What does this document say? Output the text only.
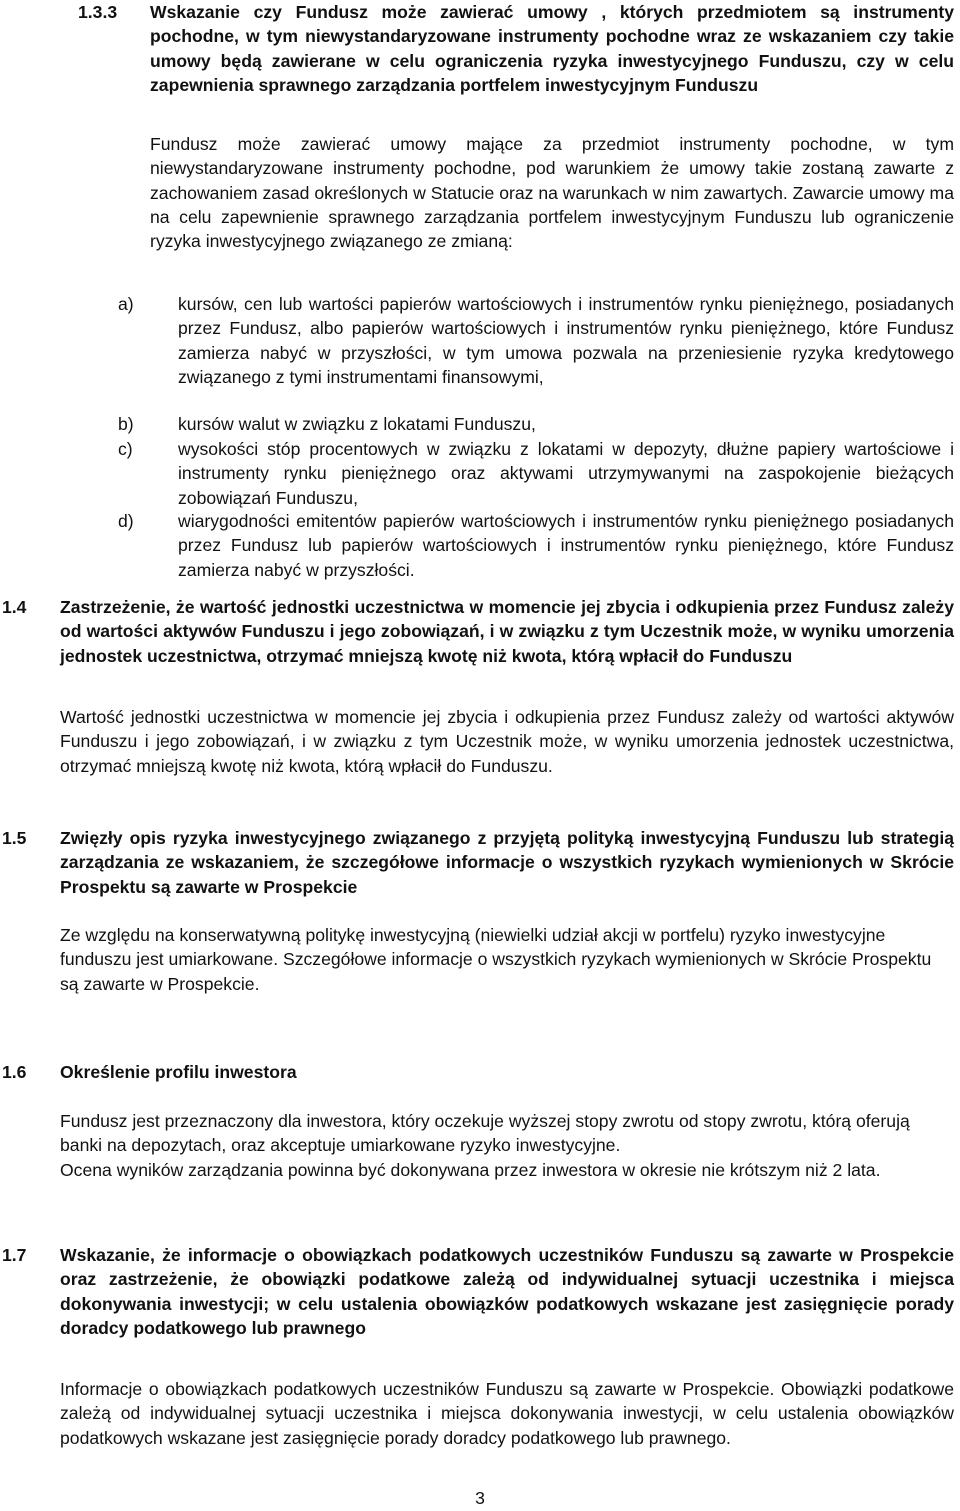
1.3.3 Wskazanie czy Fundusz może zawierać umowy , których przedmiotem są instrumenty pochodne, w tym niewystandaryzowane instrumenty pochodne wraz ze wskazaniem czy takie umowy będą zawierane w celu ograniczenia ryzyka inwestycyjnego Funduszu, czy w celu zapewnienia sprawnego zarządzania portfelem inwestycyjnym Funduszu
Fundusz może zawierać umowy mające za przedmiot instrumenty pochodne, w tym niewystandaryzowane instrumenty pochodne, pod warunkiem że umowy takie zostaną zawarte z zachowaniem zasad określonych w Statucie oraz na warunkach w nim zawartych. Zawarcie umowy ma na celu zapewnienie sprawnego zarządzania portfelem inwestycyjnym Funduszu lub ograniczenie ryzyka inwestycyjnego związanego ze zmianą:
a)	kursów, cen lub wartości papierów wartościowych i instrumentów rynku pieniężnego, posiadanych przez Fundusz, albo papierów wartościowych i instrumentów rynku pieniężnego, które Fundusz zamierza nabyć w przyszłości, w tym umowa pozwala na przeniesienie ryzyka kredytowego związanego z tymi instrumentami finansowymi,
b)	kursów walut w związku z lokatami Funduszu,
c)	wysokości stóp procentowych w związku z lokatami w depozyty, dłużne papiery wartościowe i instrumenty rynku pieniężnego oraz aktywami utrzymywanymi na zaspokojenie bieżących zobowiązań Funduszu,
d)	wiarygodności emitentów papierów wartościowych i instrumentów rynku pieniężnego posiadanych przez Fundusz lub papierów wartościowych i instrumentów rynku pieniężnego, które Fundusz zamierza nabyć w przyszłości.
1.4 Zastrzeżenie, że wartość jednostki uczestnictwa w momencie jej zbycia i odkupienia przez Fundusz zależy od wartości aktywów Funduszu i jego zobowiązań, i w związku z tym Uczestnik może, w wyniku umorzenia jednostek uczestnictwa, otrzymać mniejszą kwotę niż kwota, którą wpłacił do Funduszu
Wartość jednostki uczestnictwa w momencie jej zbycia i odkupienia przez Fundusz zależy od wartości aktywów Funduszu i jego zobowiązań, i w związku z tym Uczestnik może, w wyniku umorzenia jednostek uczestnictwa, otrzymać mniejszą kwotę niż kwota, którą wpłacił do Funduszu.
1.5 Zwięzły opis ryzyka inwestycyjnego związanego z przyjętą polityką inwestycyjną Funduszu lub strategią zarządzania ze wskazaniem, że szczegółowe informacje o wszystkich ryzykach wymienionych w Skrócie Prospektu są zawarte w Prospekcie
Ze względu na konserwatywną politykę inwestycyjną (niewielki udział akcji w portfelu) ryzyko inwestycyjne funduszu jest umiarkowane. Szczegółowe informacje o wszystkich ryzykach wymienionych w Skrócie Prospektu są zawarte w Prospekcie.
1.6 Określenie profilu inwestora
Fundusz jest przeznaczony dla inwestora, który oczekuje wyższej stopy zwrotu od stopy zwrotu, którą oferują banki na depozytach, oraz akceptuje umiarkowane ryzyko inwestycyjne.
Ocena wyników zarządzania powinna być dokonywana przez inwestora w okresie nie krótszym niż 2 lata.
1.7 Wskazanie, że informacje o obowiązkach podatkowych uczestników Funduszu są zawarte w Prospekcie oraz zastrzeżenie, że obowiązki podatkowe zależą od indywidualnej sytuacji uczestnika i miejsca dokonywania inwestycji; w celu ustalenia obowiązków podatkowych wskazane jest zasięgnięcie porady doradcy podatkowego lub prawnego
Informacje o obowiązkach podatkowych uczestników Funduszu są zawarte w Prospekcie. Obowiązki podatkowe zależą od indywidualnej sytuacji uczestnika i miejsca dokonywania inwestycji, w celu ustalenia obowiązków podatkowych wskazane jest zasięgnięcie porady doradcy podatkowego lub prawnego.
3
